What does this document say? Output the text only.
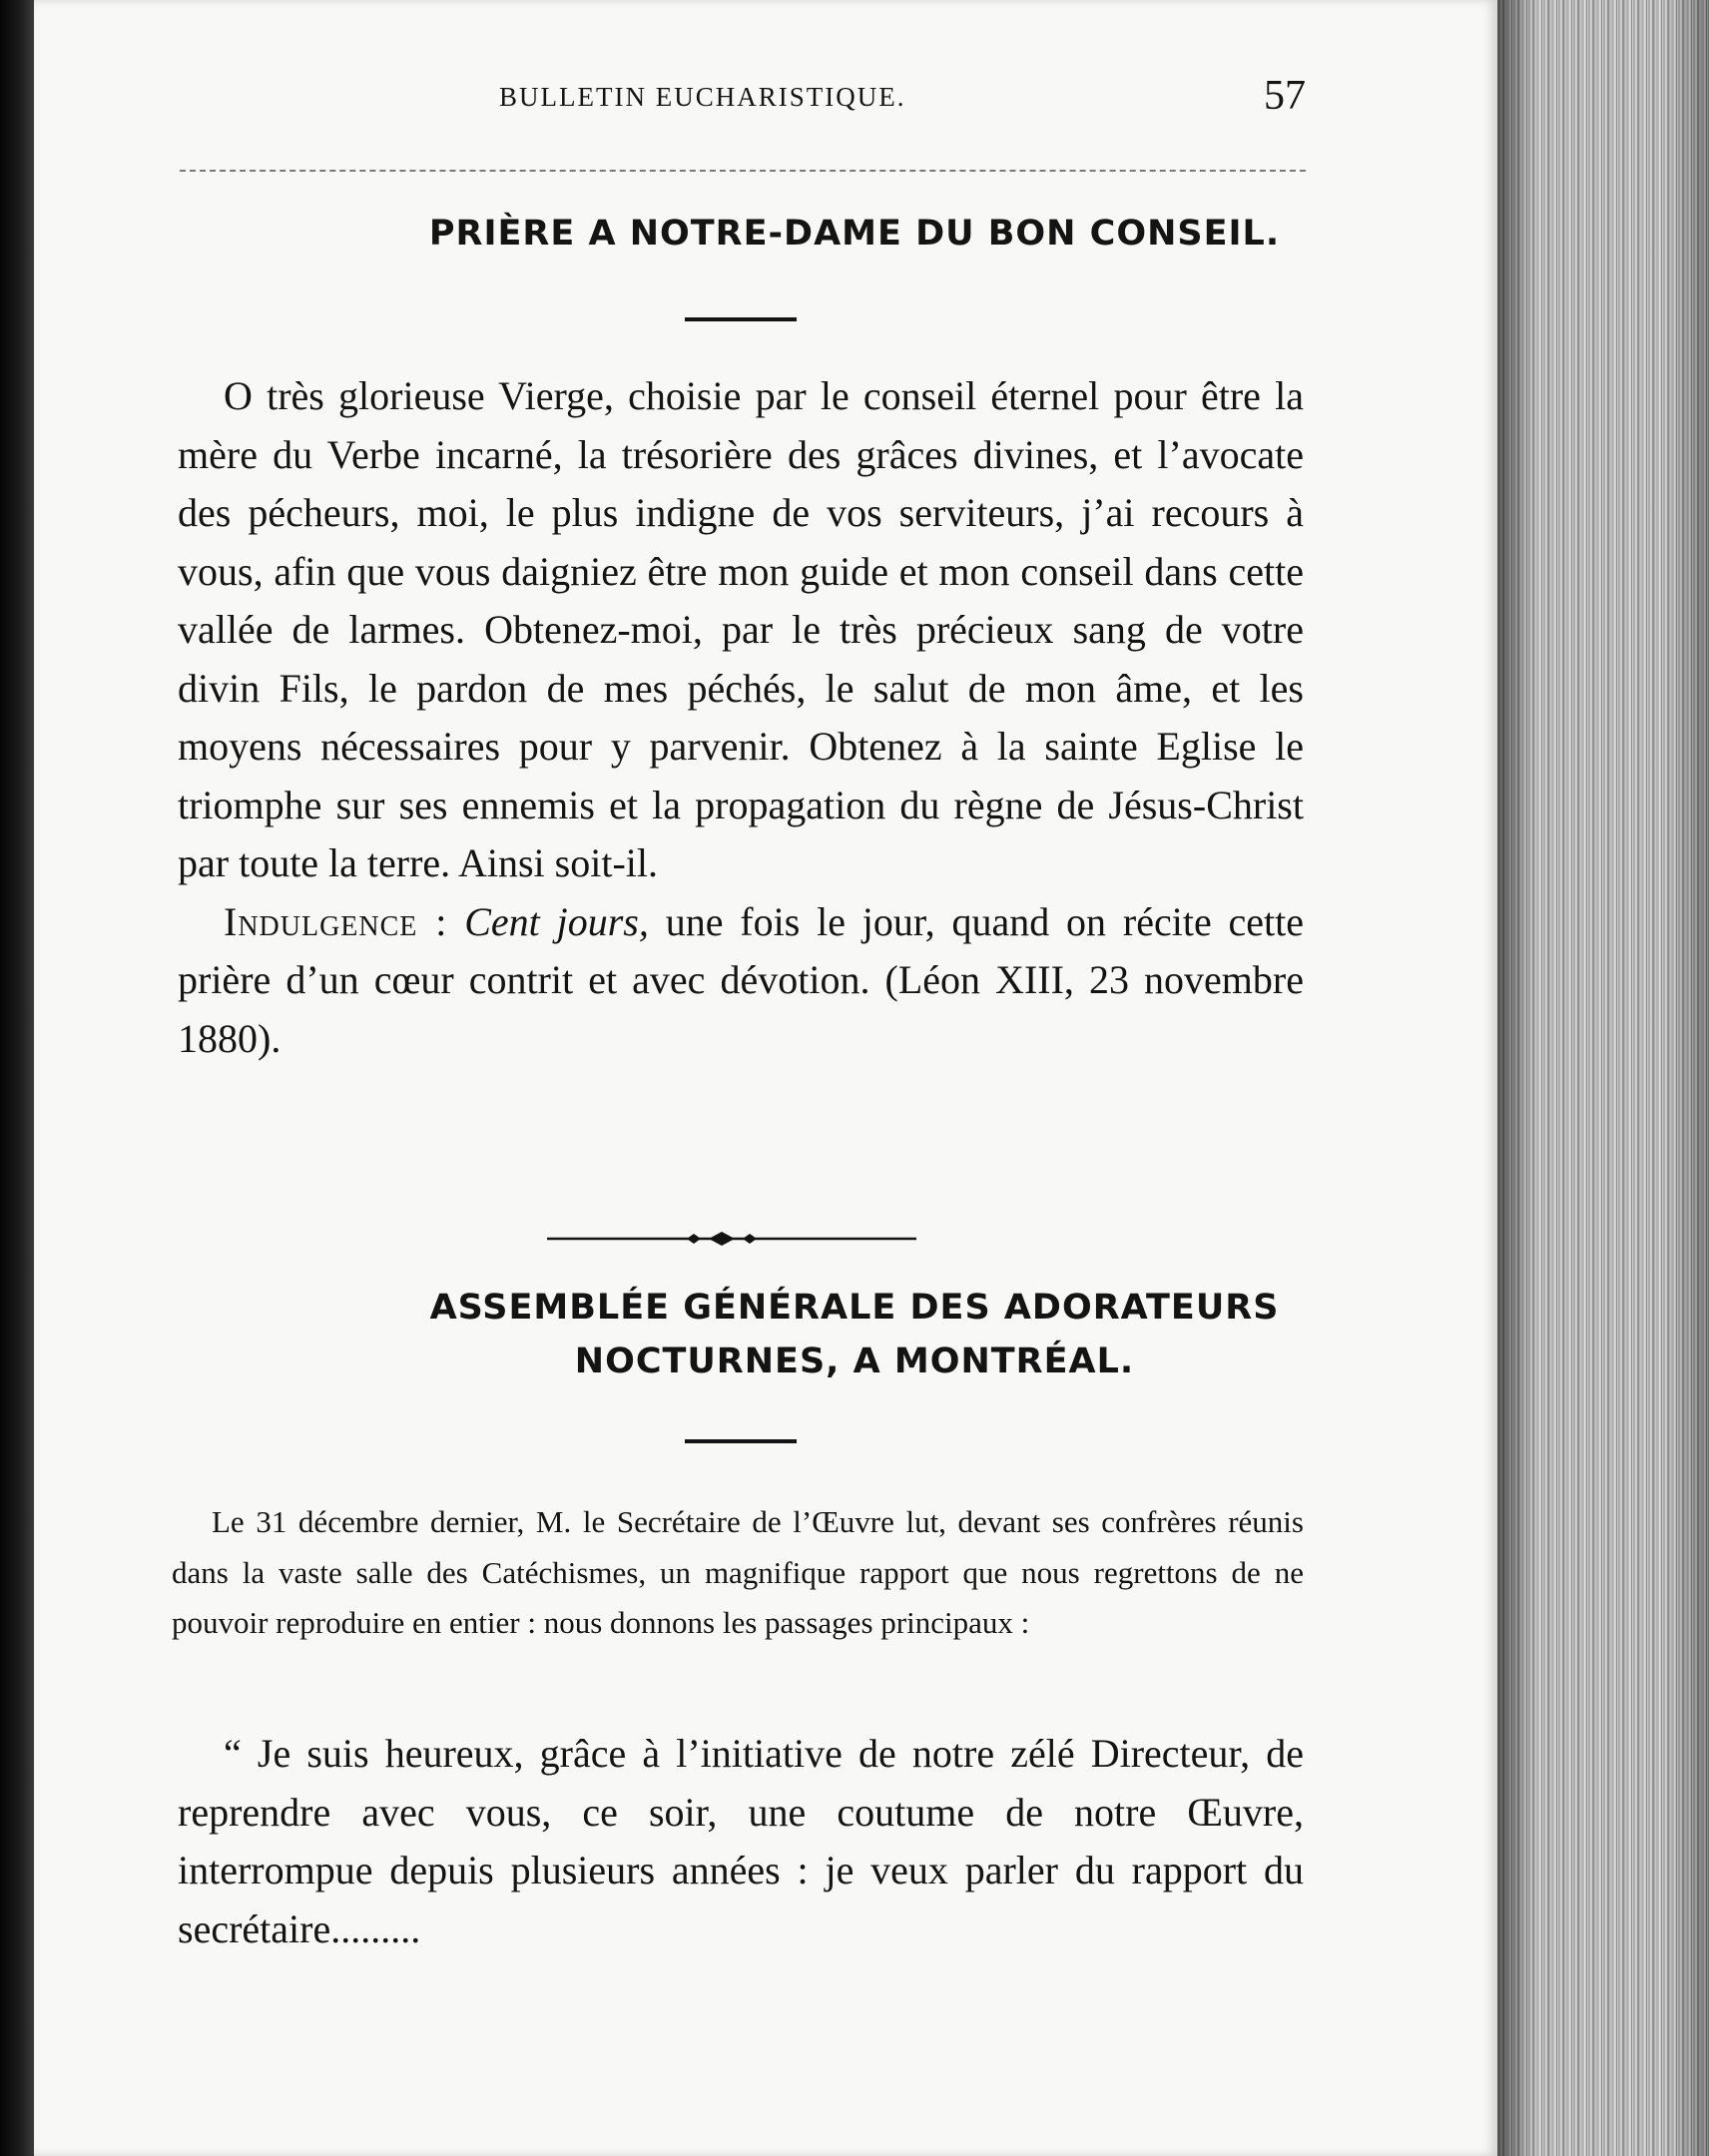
BULLETIN EUCHARISTIQUE.	57
PRIÈRE A NOTRE-DAME DU BON CONSEIL.

O très glorieuse Vierge, choisie par le conseil éternel pour être la mère du Verbe incarné, la trésorière des grâces divines, et l’avocate des pécheurs, moi, le plus indigne de vos serviteurs, j’ai recours à vous, afin que vous daigniez être mon guide et mon conseil dans cette vallée de larmes. Obtenez-moi, par le très précieux sang de votre divin Fils, le pardon de mes péchés, le salut de mon âme, et les moyens nécessaires pour y parvenir. Obtenez à la sainte Eglise le triomphe sur ses ennemis et la propagation du règne de Jésus-Christ par toute la terre. Ainsi soit-il.

Indulgence : Cent jours, une fois le jour, quand on récite cette prière d’un cœur contrit et avec dévotion. (Léon XIII, 23 novembre 1880).

ASSEMBLÉE GÉNÉRALE DES ADORATEURS
NOCTURNES, A MONTRÉAL.

Le 31 décembre dernier, M. le Secrétaire de l’Œuvre lut, devant ses confrères réunis dans la vaste salle des Catéchismes, un magnifique rapport que nous regrettons de ne pouvoir reproduire en entier : nous donnons les passages principaux :

“ Je suis heureux, grâce à l’initiative de notre zélé Directeur, de reprendre avec vous, ce soir, une coutume de notre Œuvre, interrompue depuis plusieurs années : je veux parler du rapport du secrétaire.........
